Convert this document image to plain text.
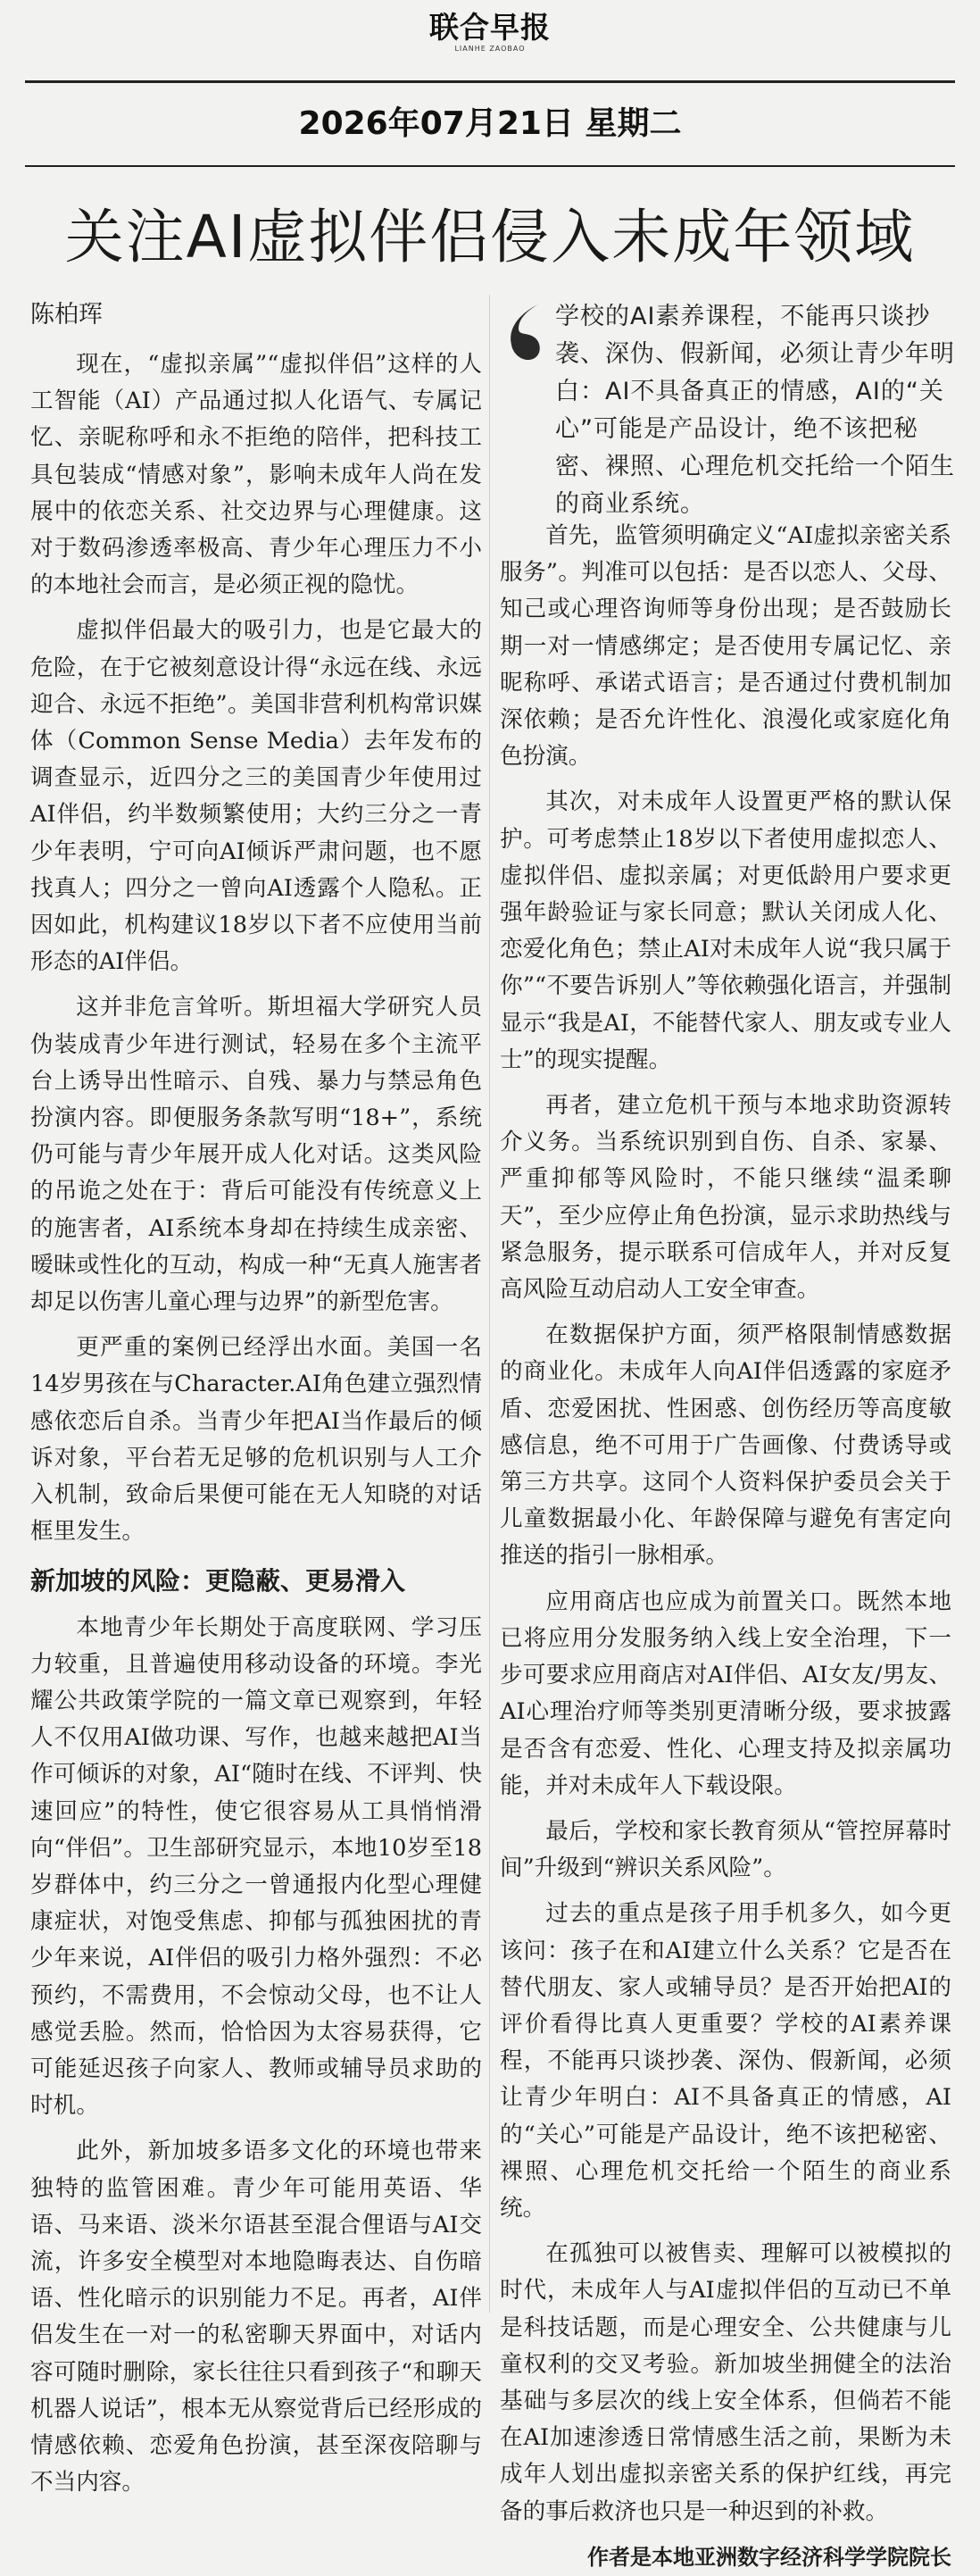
联合早报
LIANHE ZAOBAO
2026年07月21日 星期二
关注AI虚拟伴侣侵入未成年领域
陈柏珲	学校的AI素养课程，不能再只谈抄袭、深伪、假新闻，必须让青少年明白：AI不具备真正的情感，AI的“关心”可能是产品设计，绝不该把秘密、裸照、心理危机交托给一个陌生的商业系统。

现在，“虚拟亲属”“虚拟伴侣”这样的人工智能（AI）产品通过拟人化语气、专属记忆、亲昵称呼和永不拒绝的陪伴，把科技工具包装成“情感对象”，影响未成年人尚在发展中的依恋关系、社交边界与心理健康。这对于数码渗透率极高、青少年心理压力不小的本地社会而言，是必须正视的隐忧。

虚拟伴侣最大的吸引力，也是它最大的危险，在于它被刻意设计得“永远在线、永远迎合、永远不拒绝”。美国非营利机构常识媒体（Common Sense Media）去年发布的调查显示，近四分之三的美国青少年使用过AI伴侣，约半数频繁使用；大约三分之一青少年表明，宁可向AI倾诉严肃问题，也不愿找真人；四分之一曾向AI透露个人隐私。正因如此，机构建议18岁以下者不应使用当前形态的AI伴侣。

这并非危言耸听。斯坦福大学研究人员伪装成青少年进行测试，轻易在多个主流平台上诱导出性暗示、自残、暴力与禁忌角色扮演内容。即便服务条款写明“18+”，系统仍可能与青少年展开成人化对话。这类风险的吊诡之处在于：背后可能没有传统意义上的施害者，AI系统本身却在持续生成亲密、暧昧或性化的互动，构成一种“无真人施害者却足以伤害儿童心理与边界”的新型危害。

更严重的案例已经浮出水面。美国一名14岁男孩在与Character.AI角色建立强烈情感依恋后自杀。当青少年把AI当作最后的倾诉对象，平台若无足够的危机识别与人工介入机制，致命后果便可能在无人知晓的对话框里发生。

新加坡的风险：更隐蔽、更易滑入

本地青少年长期处于高度联网、学习压力较重，且普遍使用移动设备的环境。李光耀公共政策学院的一篇文章已观察到，年轻人不仅用AI做功课、写作，也越来越把AI当作可倾诉的对象，AI“随时在线、不评判、快速回应”的特性，使它很容易从工具悄悄滑向“伴侣”。卫生部研究显示，本地10岁至18岁群体中，约三分之一曾通报内化型心理健康症状，对饱受焦虑、抑郁与孤独困扰的青少年来说，AI伴侣的吸引力格外强烈：不必预约，不需费用，不会惊动父母，也不让人感觉丢脸。然而，恰恰因为太容易获得，它可能延迟孩子向家人、教师或辅导员求助的时机。

此外，新加坡多语多文化的环境也带来独特的监管困难。青少年可能用英语、华语、马来语、淡米尔语甚至混合俚语与AI交流，许多安全模型对本地隐晦表达、自伤暗语、性化暗示的识别能力不足。再者，AI伴侣发生在一对一的私密聊天界面中，对话内容可随时删除，家长往往只看到孩子“和聊天机器人说话”，根本无从察觉背后已经形成的情感依赖、恋爱角色扮演，甚至深夜陪聊与不当内容。

首先，监管须明确定义“AI虚拟亲密关系服务”。判准可以包括：是否以恋人、父母、知己或心理咨询师等身份出现；是否鼓励长期一对一情感绑定；是否使用专属记忆、亲昵称呼、承诺式语言；是否通过付费机制加深依赖；是否允许性化、浪漫化或家庭化角色扮演。

其次，对未成年人设置更严格的默认保护。可考虑禁止18岁以下者使用虚拟恋人、虚拟伴侣、虚拟亲属；对更低龄用户要求更强年龄验证与家长同意；默认关闭成人化、恋爱化角色；禁止AI对未成年人说“我只属于你”“不要告诉别人”等依赖强化语言，并强制显示“我是AI，不能替代家人、朋友或专业人士”的现实提醒。

再者，建立危机干预与本地求助资源转介义务。当系统识别到自伤、自杀、家暴、严重抑郁等风险时，不能只继续“温柔聊天”，至少应停止角色扮演，显示求助热线与紧急服务，提示联系可信成年人，并对反复高风险互动启动人工安全审查。

在数据保护方面，须严格限制情感数据的商业化。未成年人向AI伴侣透露的家庭矛盾、恋爱困扰、性困惑、创伤经历等高度敏感信息，绝不可用于广告画像、付费诱导或第三方共享。这同个人资料保护委员会关于儿童数据最小化、年龄保障与避免有害定向推送的指引一脉相承。

应用商店也应成为前置关口。既然本地已将应用分发服务纳入线上安全治理，下一步可要求应用商店对AI伴侣、AI女友/男友、AI心理治疗师等类别更清晰分级，要求披露是否含有恋爱、性化、心理支持及拟亲属功能，并对未成年人下载设限。

最后，学校和家长教育须从“管控屏幕时间”升级到“辨识关系风险”。

过去的重点是孩子用手机多久，如今更该问：孩子在和AI建立什么关系？它是否在替代朋友、家人或辅导员？是否开始把AI的评价看得比真人更重要？学校的AI素养课程，不能再只谈抄袭、深伪、假新闻，必须让青少年明白：AI不具备真正的情感，AI的“关心”可能是产品设计，绝不该把秘密、裸照、心理危机交托给一个陌生的商业系统。

在孤独可以被售卖、理解可以被模拟的时代，未成年人与AI虚拟伴侣的互动已不单是科技话题，而是心理安全、公共健康与儿童权利的交叉考验。新加坡坐拥健全的法治基础与多层次的线上安全体系，但倘若不能在AI加速渗透日常情感生活之前，果断为未成年人划出虚拟亲密关系的保护红线，再完备的事后救济也只是一种迟到的补救。

作者是本地亚洲数字经济科学学院院长
